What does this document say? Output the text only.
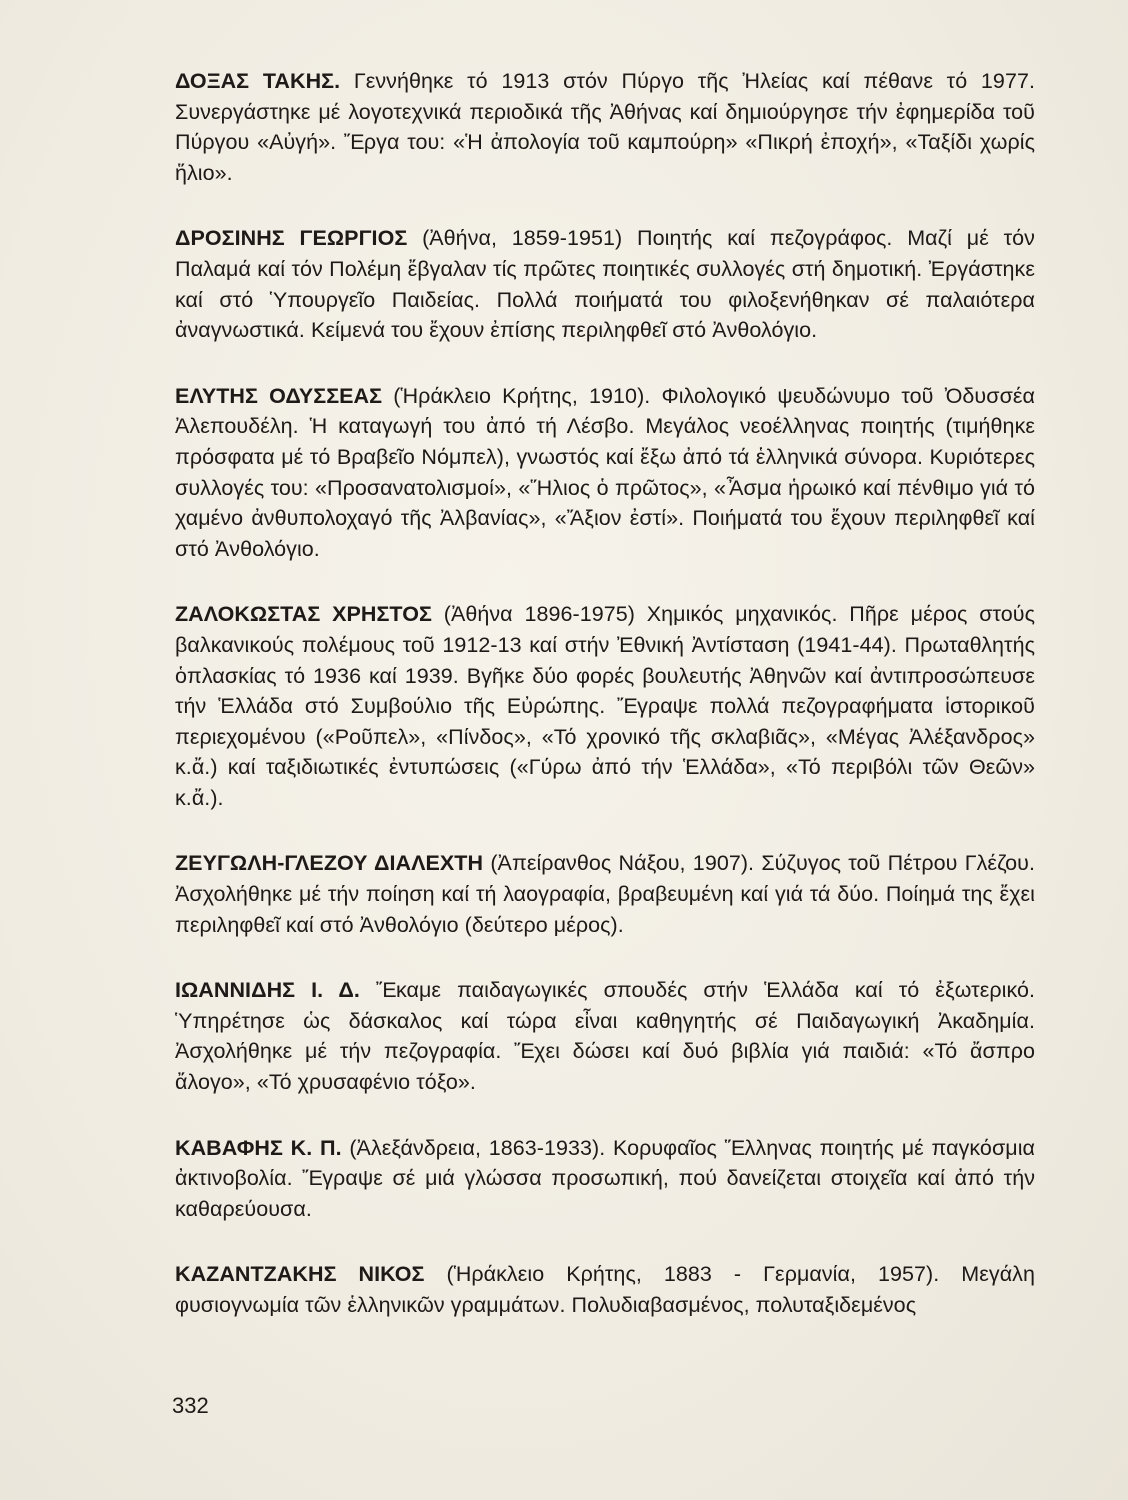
ΔΟΞΑΣ ΤΑΚΗΣ. Γεννήθηκε τό 1913 στόν Πύργο τῆς Ἠλείας καί πέθανε τό 1977. Συνεργάστηκε μέ λογοτεχνικά περιοδικά τῆς Ἀθήνας καί δημιούργησε τήν ἐφημερίδα τοῦ Πύργου «Αὐγή». Ἔργα του: «Ἡ ἀπολογία τοῦ καμπούρη» «Πικρή ἐποχή», «Ταξίδι χωρίς ἥλιο».

ΔΡΟΣΙΝΗΣ ΓΕΩΡΓΙΟΣ (Ἀθήνα, 1859-1951) Ποιητής καί πεζογράφος. Μαζί μέ τόν Παλαμά καί τόν Πολέμη ἔβγαλαν τίς πρῶτες ποιητικές συλλογές στή δημοτική. Ἐργάστηκε καί στό Ὑπουργεῖο Παιδείας. Πολλά ποιήματά του φιλοξενήθηκαν σέ παλαιότερα ἀναγνωστικά. Κείμενά του ἔχουν ἐπίσης περιληφθεῖ στό Ἀνθολόγιο.

ΕΛΥΤΗΣ ΟΔΥΣΣΕΑΣ (Ἡράκλειο Κρήτης, 1910). Φιλολογικό ψευδώνυμο τοῦ Ὀδυσσέα Ἀλεπουδέλη. Ἡ καταγωγή του ἀπό τή Λέσβο. Μεγάλος νεοέλληνας ποιητής (τιμήθηκε πρόσφατα μέ τό Βραβεῖο Νόμπελ), γνωστός καί ἔξω ἀπό τά ἑλληνικά σύνορα. Κυριότερες συλλογές του: «Προσανατολισμοί», «Ἥλιος ὁ πρῶτος», «Ἆσμα ἡρωικό καί πένθιμο γιά τό χαμένο ἀνθυπολοχαγό τῆς Ἀλβανίας», «Ἄξιον ἐστί». Ποιήματά του ἔχουν περιληφθεῖ καί στό Ἀνθολόγιο.

ΖΑΛΟΚΩΣΤΑΣ ΧΡΗΣΤΟΣ (Ἀθήνα 1896-1975) Χημικός μηχανικός. Πῆρε μέρος στούς βαλκανικούς πολέμους τοῦ 1912-13 καί στήν Ἐθνική Ἀντίσταση (1941-44). Πρωταθλητής ὁπλασκίας τό 1936 καί 1939. Βγῆκε δύο φορές βουλευτής Ἀθηνῶν καί ἀντιπροσώπευσε τήν Ἑλλάδα στό Συμβούλιο τῆς Εὐρώπης. Ἔγραψε πολλά πεζογραφήματα ἱστορικοῦ περιεχομένου («Ροῦπελ», «Πίνδος», «Τό χρονικό τῆς σκλαβιᾶς», «Μέγας Ἀλέξανδρος» κ.ἄ.) καί ταξιδιωτικές ἐντυπώσεις («Γύρω ἀπό τήν Ἑλλάδα», «Τό περιβόλι τῶν Θεῶν» κ.ἄ.).

ΖΕΥΓΩΛΗ-ΓΛΕΖΟΥ ΔΙΑΛΕΧΤΗ (Ἀπείρανθος Νάξου, 1907). Σύζυγος τοῦ Πέτρου Γλέζου. Ἀσχολήθηκε μέ τήν ποίηση καί τή λαογραφία, βραβευμένη καί γιά τά δύο. Ποίημά της ἔχει περιληφθεῖ καί στό Ἀνθολόγιο (δεύτερο μέρος).

ΙΩΑΝΝΙΔΗΣ Ι. Δ. Ἔκαμε παιδαγωγικές σπουδές στήν Ἑλλάδα καί τό ἐξωτερικό. Ὑπηρέτησε ὡς δάσκαλος καί τώρα εἶναι καθηγητής σέ Παιδαγωγική Ἀκαδημία. Ἀσχολήθηκε μέ τήν πεζογραφία. Ἔχει δώσει καί δυό βιβλία γιά παιδιά: «Τό ἄσπρο ἄλογο», «Τό χρυσαφένιο τόξο».

ΚΑΒΑΦΗΣ Κ. Π. (Ἀλεξάνδρεια, 1863-1933). Κορυφαῖος Ἕλληνας ποιητής μέ παγκόσμια ἀκτινοβολία. Ἔγραψε σέ μιά γλώσσα προσωπική, πού δανείζεται στοιχεῖα καί ἀπό τήν καθαρεύουσα.

ΚΑΖΑΝΤΖΑΚΗΣ ΝΙΚΟΣ (Ἡράκλειο Κρήτης, 1883 - Γερμανία, 1957). Μεγάλη φυσιογνωμία τῶν ἑλληνικῶν γραμμάτων. Πολυδιαβασμένος, πολυταξιδεμένος

332
